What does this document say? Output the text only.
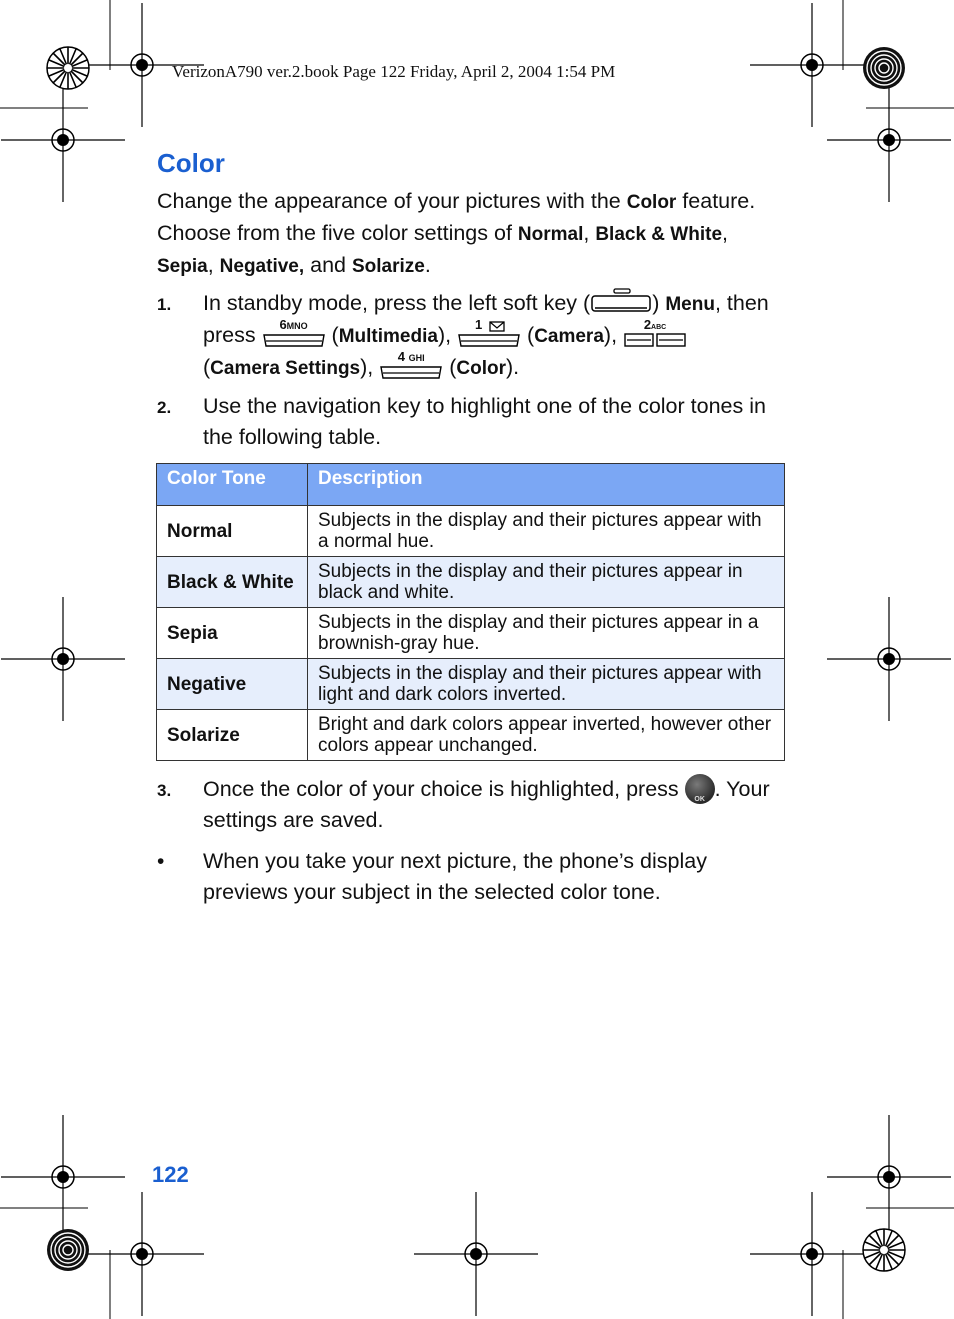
VerizonA790 ver.2.book Page 122 Friday, April 2, 2004 1:54 PM
Color

Change the appearance of your pictures with the Color feature. Choose from the five color settings of Normal, Black & White, Sepia, Negative, and Solarize.

1. In standby mode, press the left soft key (	) Menu, then press	6MNO (Multimedia),	1	(Camera),	2ABC

(Camera Settings),	4 GHI (Color).
2. Use the navigation key to highlight one of the color tones in the following table.
Color Tone	Description
Normal	Subjects in the display and their pictures appear with a normal hue.
Black & White	Subjects in the display and their pictures appear in black and white.
Sepia	Subjects in the display and their pictures appear in a brownish-gray hue.
Negative	Subjects in the display and their pictures appear with light and dark colors inverted.
Solarize	Bright and dark colors appear inverted, however other colors appear unchanged.
3. Once the color of your choice is highlighted, press	OK . Your settings are saved.
• When you take your next picture, the phone’s display previews your subject in the selected color tone.
122
